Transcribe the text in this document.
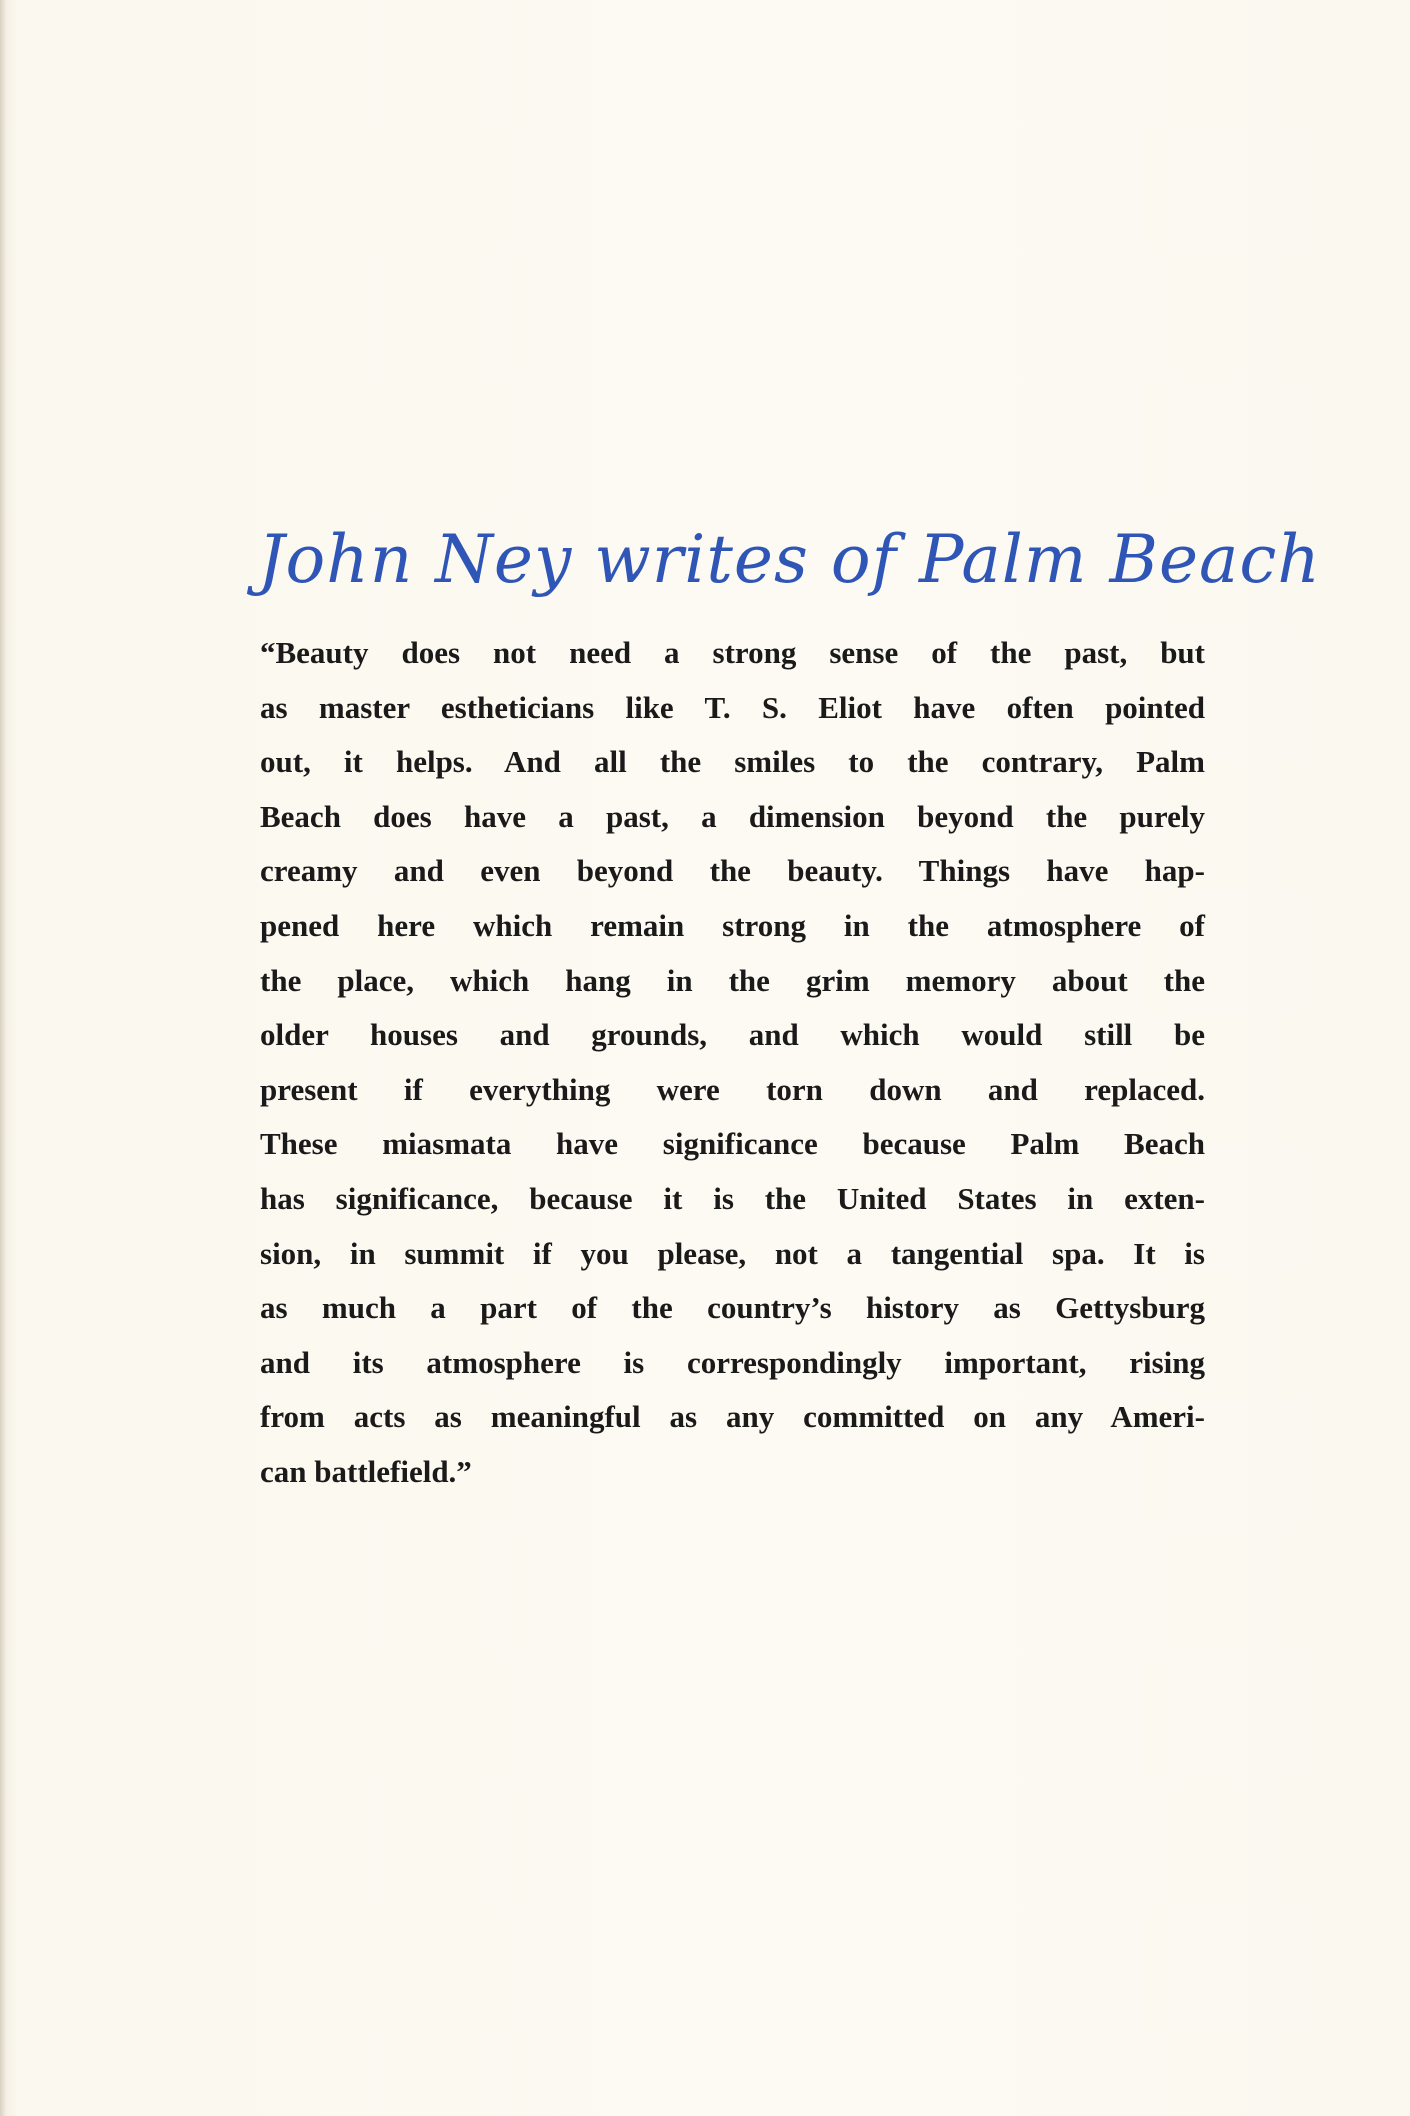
John Ney writes of Palm Beach
“Beauty does not need a strong sense of the past, but
as master estheticians like T. S. Eliot have often pointed
out, it helps. And all the smiles to the contrary, Palm
Beach does have a past, a dimension beyond the purely
creamy and even beyond the beauty. Things have hap-
pened here which remain strong in the atmosphere of
the place, which hang in the grim memory about the
older houses and grounds, and which would still be
present if everything were torn down and replaced.
These miasmata have significance because Palm Beach
has significance, because it is the United States in exten-
sion, in summit if you please, not a tangential spa. It is
as much a part of the country’s history as Gettysburg
and its atmosphere is correspondingly important, rising
from acts as meaningful as any committed on any Ameri-
can battlefield.”
